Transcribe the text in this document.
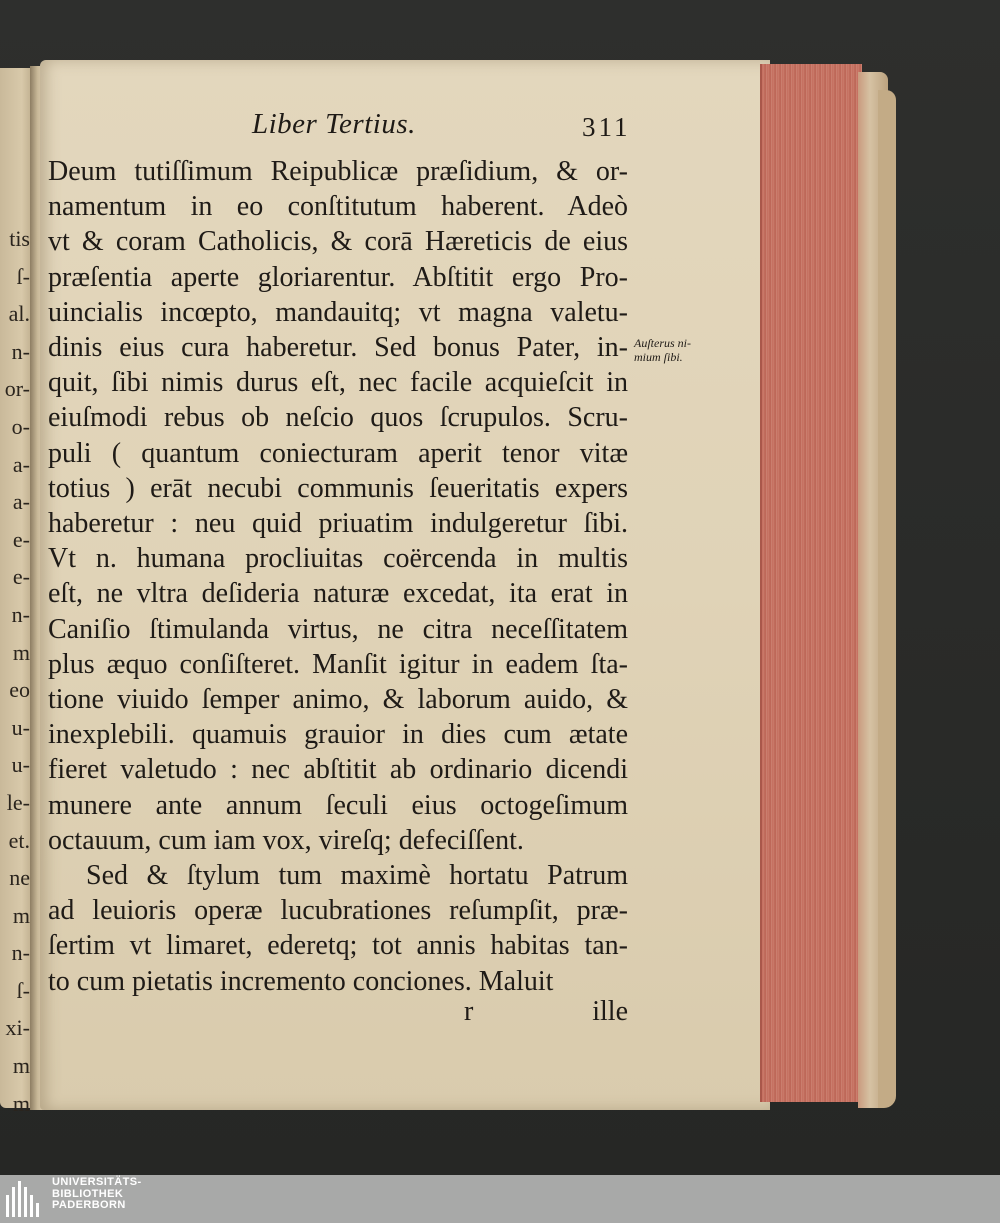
tis
ſ-
al.
n-
or-
o-
a-
a-
e-
e-
n-
m
eo
u-
u-
le-
et.
ne
m
n-
ſ-
xi-
m
m
Liber Tertius.	311
Deum tutiſſimum Reipublicæ præſidium, & or-
namentum in eo conſtitutum haberent. Adeò
vt & coram Catholicis, & corā Hæreticis de eius
præſentia aperte gloriarentur. Abſtitit ergo Pro-
uincialis incœpto, mandauitq; vt magna valetu-
dinis eius cura haberetur. Sed bonus Pater, in-
quit, ſibi nimis durus eſt, nec facile acquieſcit in
eiuſmodi rebus ob neſcio quos ſcrupulos. Scru-
puli ( quantum coniecturam aperit tenor vitæ
totius ) erāt necubi communis ſeueritatis expers
haberetur : neu quid priuatim indulgeretur ſibi.
Vt n. humana procliuitas coërcenda in multis
eſt, ne vltra deſideria naturæ excedat, ita erat in
Caniſio ſtimulanda virtus, ne citra neceſſitatem
plus æquo conſiſteret. Manſit igitur in eadem ſta-
tione viuido ſemper animo, & laborum auido, &
inexplebili. quamuis grauior in dies cum ætate
fieret valetudo : nec abſtitit ab ordinario dicendi
munere ante annum ſeculi eius octogeſimum
octauum, cum iam vox, vireſq; defeciſſent.
Sed & ſtylum tum maximè hortatu Patrum
ad leuioris operæ lucubrationes reſumpſit, præ-
ſertim vt limaret, ederetq; tot annis habitas tan-
to cum pietatis incremento conciones. Maluit
Auſterus ni-
mium ſibi.
r	ille
UNIVERSITÄTS-
BIBLIOTHEK
PADERBORN
